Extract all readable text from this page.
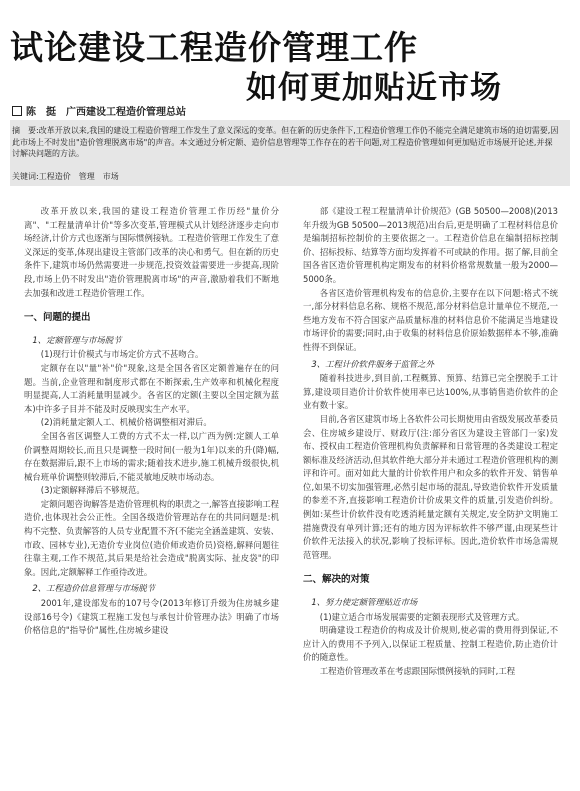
试论建设工程造价管理工作
如何更加贴近市场
陈　挺　广西建设工程造价管理总站
摘　要:改革开放以来,我国的建设工程造价管理工作发生了意义深远的变革。但在新的历史条件下,工程造价管理工作仍不能完全满足建筑市场的迫切需要,因此市场上不时发出"造价管理脱离市场"的声音。本文通过分析定额、造价信息管理等工作存在的若干问题,对工程造价管理如何更加贴近市场展开论述,并探讨解决问题的方法。
关键词:工程造价　管理　市场

改革开放以来,我国的建设工程造价管理工作历经"量价分离"、"工程量清单计价"等多次变革,管理模式从计划经济逐步走向市场经济,计价方式也逐渐与国际惯例接轨。工程造价管理工作发生了意义深远的变革,体现出建设主管部门改革的决心和勇气。但在新的历史条件下,建筑市场仍然需要进一步规范,投资效益需要进一步提高,现阶段,市场上仍不时发出"造价管理脱离市场"的声音,激励着我们不断地去加强和改进工程造价管理工作。

一、问题的提出
1、定额管理与市场脱节

(1)现行计价模式与市场定价方式不甚吻合。

定额存在以"量"补"价"现象,这是全国各省区定额普遍存在的问题。当前,企业管理和制度形式都在不断探索,生产效率和机械化程度明显提高,人工消耗量明显减少。各省区的定额(主要以全国定额为蓝本)中许多子目并不能及时反映现实生产水平。

(2)消耗量定额人工、机械价格调整相对滞后。

全国各省区调整人工费的方式不太一样,以广西为例:定额人工单价调整周期较长,而且只是调整一段时间(一般为1年)以来的升(降)幅,存在数据滞后,跟不上市场的需求;随着技术进步,施工机械升级很快,机械台班单价调整则较滞后,不能灵敏地反映市场动态。

(3)定额解释滞后不够规范。

定额问题咨询解答是造价管理机构的职责之一,解答直接影响工程造价,也体现社会公正性。全国各级造价管理站存在的共同问题是:机构不完整、负责解答的人员专业配置不齐(不能完全涵盖建筑、安装、市政、园林专业),无造价专业岗位(造价师或造价员)资格,解释问题往往靠主观,工作不规范,其后果是给社会造成"脱离实际、扯皮袋"的印象。因此,定额解释工作亟待改进。

2、工程造价信息管理与市场脱节

2001年,建设部发布的107号令(2013年修订升级为住房城乡建设部16号令)《建筑工程施工发包与承包计价管理办法》明确了市场价格信息的"指导价"属性,住房城乡建设

部《建设工程工程量清单计价规范》(GB 50500—2008)(2013年升级为GB 50500—2013规范)出台后,更是明确了工程材料信息价是编制招标控制价的主要依据之一。工程造价信息在编制招标控制价、招标投标、结算等方面均发挥着不可或缺的作用。据了解,目前全国各省区造价管理机构定期发布的材料价格常规数量一般为2000—5000条。

各省区造价管理机构发布的信息价,主要存在以下问题:格式不统一,部分材料信息名称、规格不规范,部分材料信息计量单位不规范,一些地方发布不符合国家产品质量标准的材料信息价不能满足当地建设市场评价的需要;同时,由于收集的材料信息价原始数据样本不够,准确性得不到保证。

3、工程计价软件服务于监管之外

随着科技进步,到目前,工程概算、预算、结算已完全摆脱手工计算,建设项目造价计价软件使用率已达100%,从事销售造价软件的企业有数十家。

目前,各省区建筑市场上各软件公司长期使用由省级发展改革委员会、住房城乡建设厅、财政厅(注:部分省区为建设主管部门一家)发布、授权由工程造价管理机构负责解释和日常管理的各类建设工程定额标准及经济活动,但其软件绝大部分并未通过工程造价管理机构的测评和许可。面对如此大量的计价软件用户和众多的软件开发、销售单位,如果不切实加强管理,必然引起市场的混乱,导致造价软件开发质量的参差不齐,直接影响工程造价计价成果文件的质量,引发造价纠纷。例如:某些计价软件没有吃透消耗量定额有关规定,安全防护文明施工措施费没有单列计算;还有的地方因为评标软件不够严谨,由现某些计价软件无法接入的状况,影响了投标评标。因此,造价软件市场急需规范管理。

二、解决的对策
1、努力使定额管理贴近市场

(1)建立适合市场发展需要的定额表现形式及管理方式。

明确建设工程造价的构成及计价规则,使必需的费用得到保证,不应计入的费用不予列入,以保证工程质量、控制工程造价,防止造价计价的随意性。

工程造价管理改革在考虑跟国际惯例接轨的同时,工程
